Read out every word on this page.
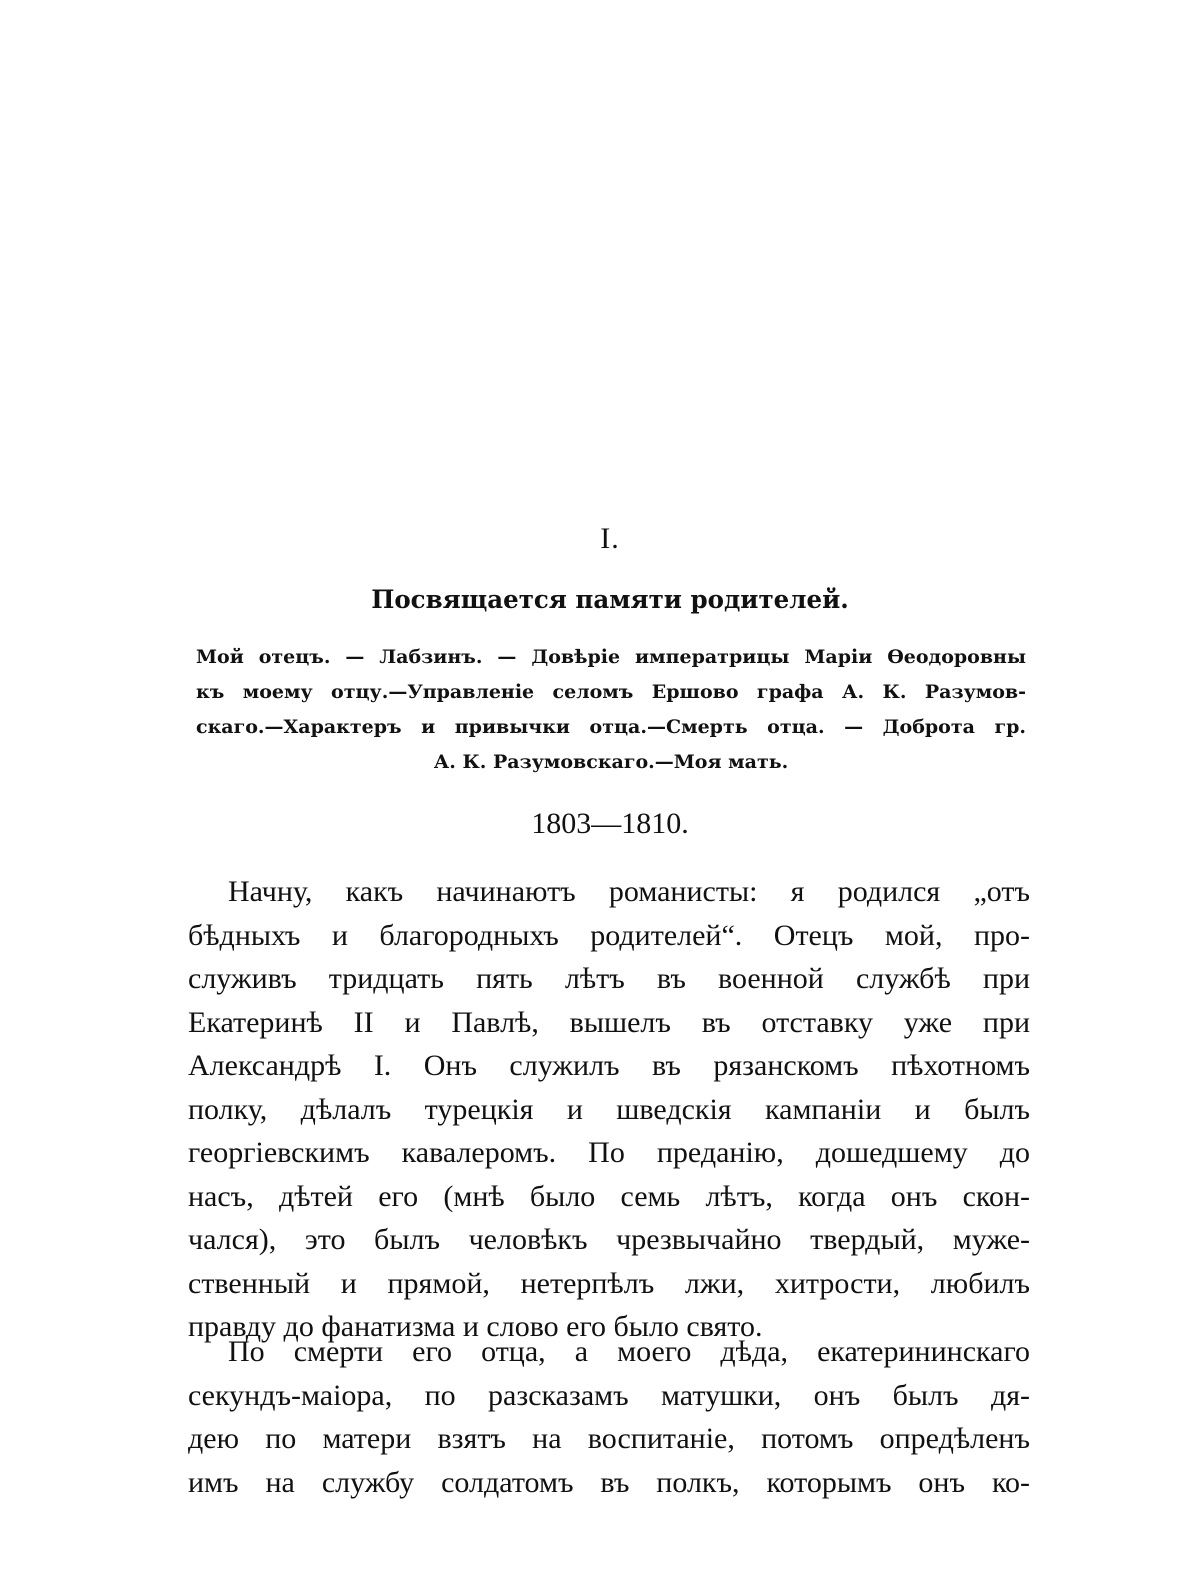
I.
Посвящается памяти родителей.
Мой отецъ. — Лабзинъ. — Довѣріе императрицы Маріи Ѳеодоровны
къ моему отцу.—Управленіе селомъ Ершово графа А. К. Разумов-
скаго.—Характеръ и привычки отца.—Смерть отца. — Доброта гр.
А. К. Разумовскаго.—Моя мать.
1803—1810.
Начну, какъ начинаютъ романисты: я родился „отъ
бѣдныхъ и благородныхъ родителей“. Отецъ мой, про-
служивъ тридцать пять лѣтъ въ военной службѣ при
Екатеринѣ II и Павлѣ, вышелъ въ отставку уже при
Александрѣ I. Онъ служилъ въ рязанскомъ пѣхотномъ
полку, дѣлалъ турецкія и шведскія кампаніи и былъ
георгіевскимъ кавалеромъ. По преданію, дошедшему до
насъ, дѣтей его (мнѣ было семь лѣтъ, когда онъ скон-
чался), это былъ человѣкъ чрезвычайно твердый, муже-
ственный и прямой, нетерпѣлъ лжи, хитрости, любилъ
правду до фанатизма и слово его было свято.
По смерти его отца, а моего дѣда, екатерининскаго
секундъ-маіора, по разсказамъ матушки, онъ былъ дя-
дею по матери взятъ на воспитаніе, потомъ опредѣленъ
имъ на службу солдатомъ въ полкъ, которымъ онъ ко-
